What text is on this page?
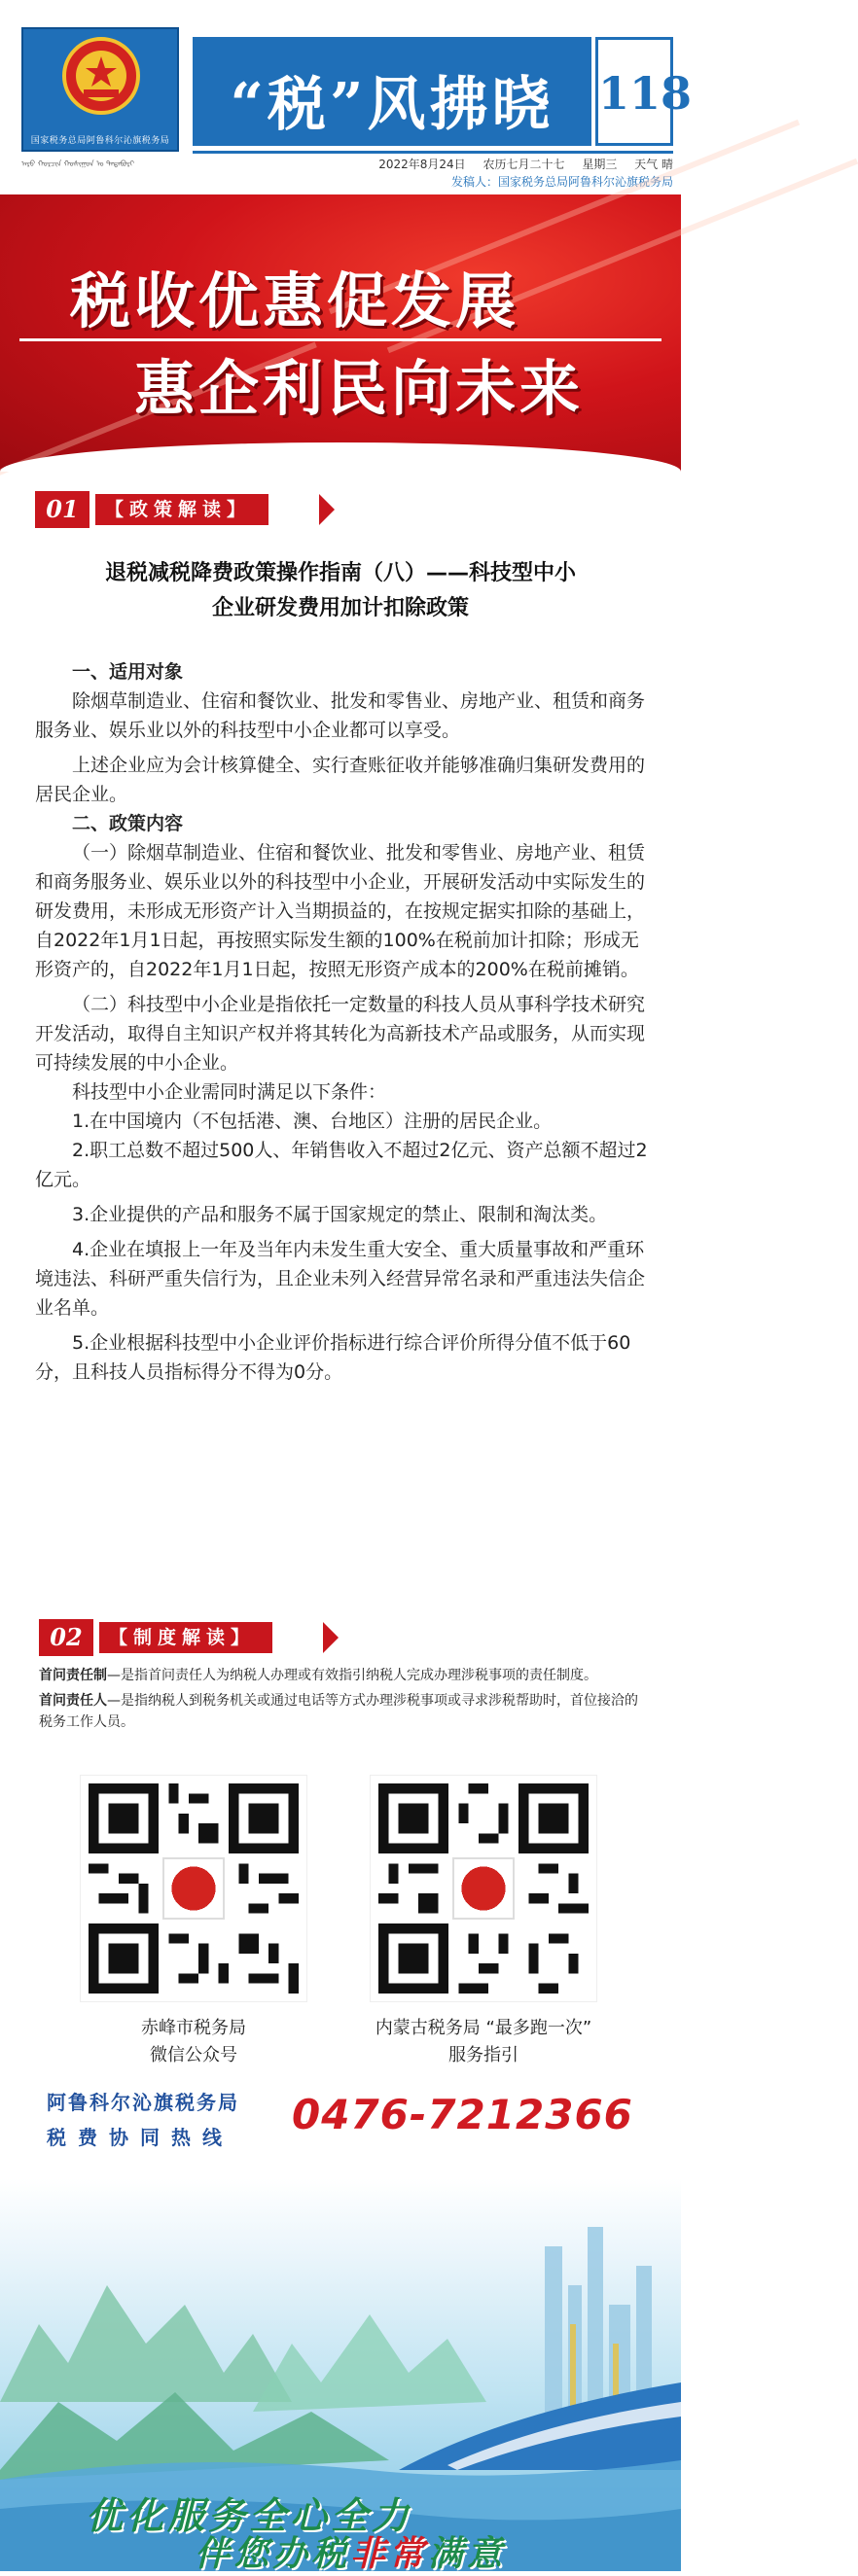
国家税务总局阿鲁科尔沁旗税务局
ᠠᠷᠤ ᠬᠣᠷᠴᠢᠨ ᠬᠣᠰᠢᠭᠤᠨ ᠤ ᠲᠠᠲᠠᠪᠤᠷᠢ
“税”风拂晓 118
2022年8月24日 农历七月二十七 星期三 天气 晴
发稿人：国家税务总局阿鲁科尔沁旗税务局
税收优惠促发展
惠企利民向未来
01	【政策解读】
退税减税降费政策操作指南（八）——科技型中小
企业研发费用加计扣除政策

一、适用对象

除烟草制造业、住宿和餐饮业、批发和零售业、房地产业、租赁和商务服务业、娱乐业以外的科技型中小企业都可以享受。

上述企业应为会计核算健全、实行查账征收并能够准确归集研发费用的居民企业。

二、政策内容

（一）除烟草制造业、住宿和餐饮业、批发和零售业、房地产业、租赁和商务服务业、娱乐业以外的科技型中小企业，开展研发活动中实际发生的研发费用，未形成无形资产计入当期损益的，在按规定据实扣除的基础上，自2022年1月1日起，再按照实际发生额的100%在税前加计扣除；形成无形资产的，自2022年1月1日起，按照无形资产成本的200%在税前摊销。

（二）科技型中小企业是指依托一定数量的科技人员从事科学技术研究开发活动，取得自主知识产权并将其转化为高新技术产品或服务，从而实现可持续发展的中小企业。

科技型中小企业需同时满足以下条件：

1.在中国境内（不包括港、澳、台地区）注册的居民企业。

2.职工总数不超过500人、年销售收入不超过2亿元、资产总额不超过2亿元。

3.企业提供的产品和服务不属于国家规定的禁止、限制和淘汰类。

4.企业在填报上一年及当年内未发生重大安全、重大质量事故和严重环境违法、科研严重失信行为，且企业未列入经营异常名录和严重违法失信企业名单。

5.企业根据科技型中小企业评价指标进行综合评价所得分值不低于60分，且科技人员指标得分不得为0分。

02	【制度解读】
首问责任制—是指首问责任人为纳税人办理或有效指引纳税人完成办理涉税事项的责任制度。
首问责任人—是指纳税人到税务机关或通过电话等方式办理涉税事项或寻求涉税帮助时，首位接洽的税务工作人员。
赤峰市税务局
微信公众号
内蒙古税务局 “最多跑一次”
服务指引
阿鲁科尔沁旗税务局
税费协同热线 0476-7212366
优化服务全心全力
伴您办税非常满意
